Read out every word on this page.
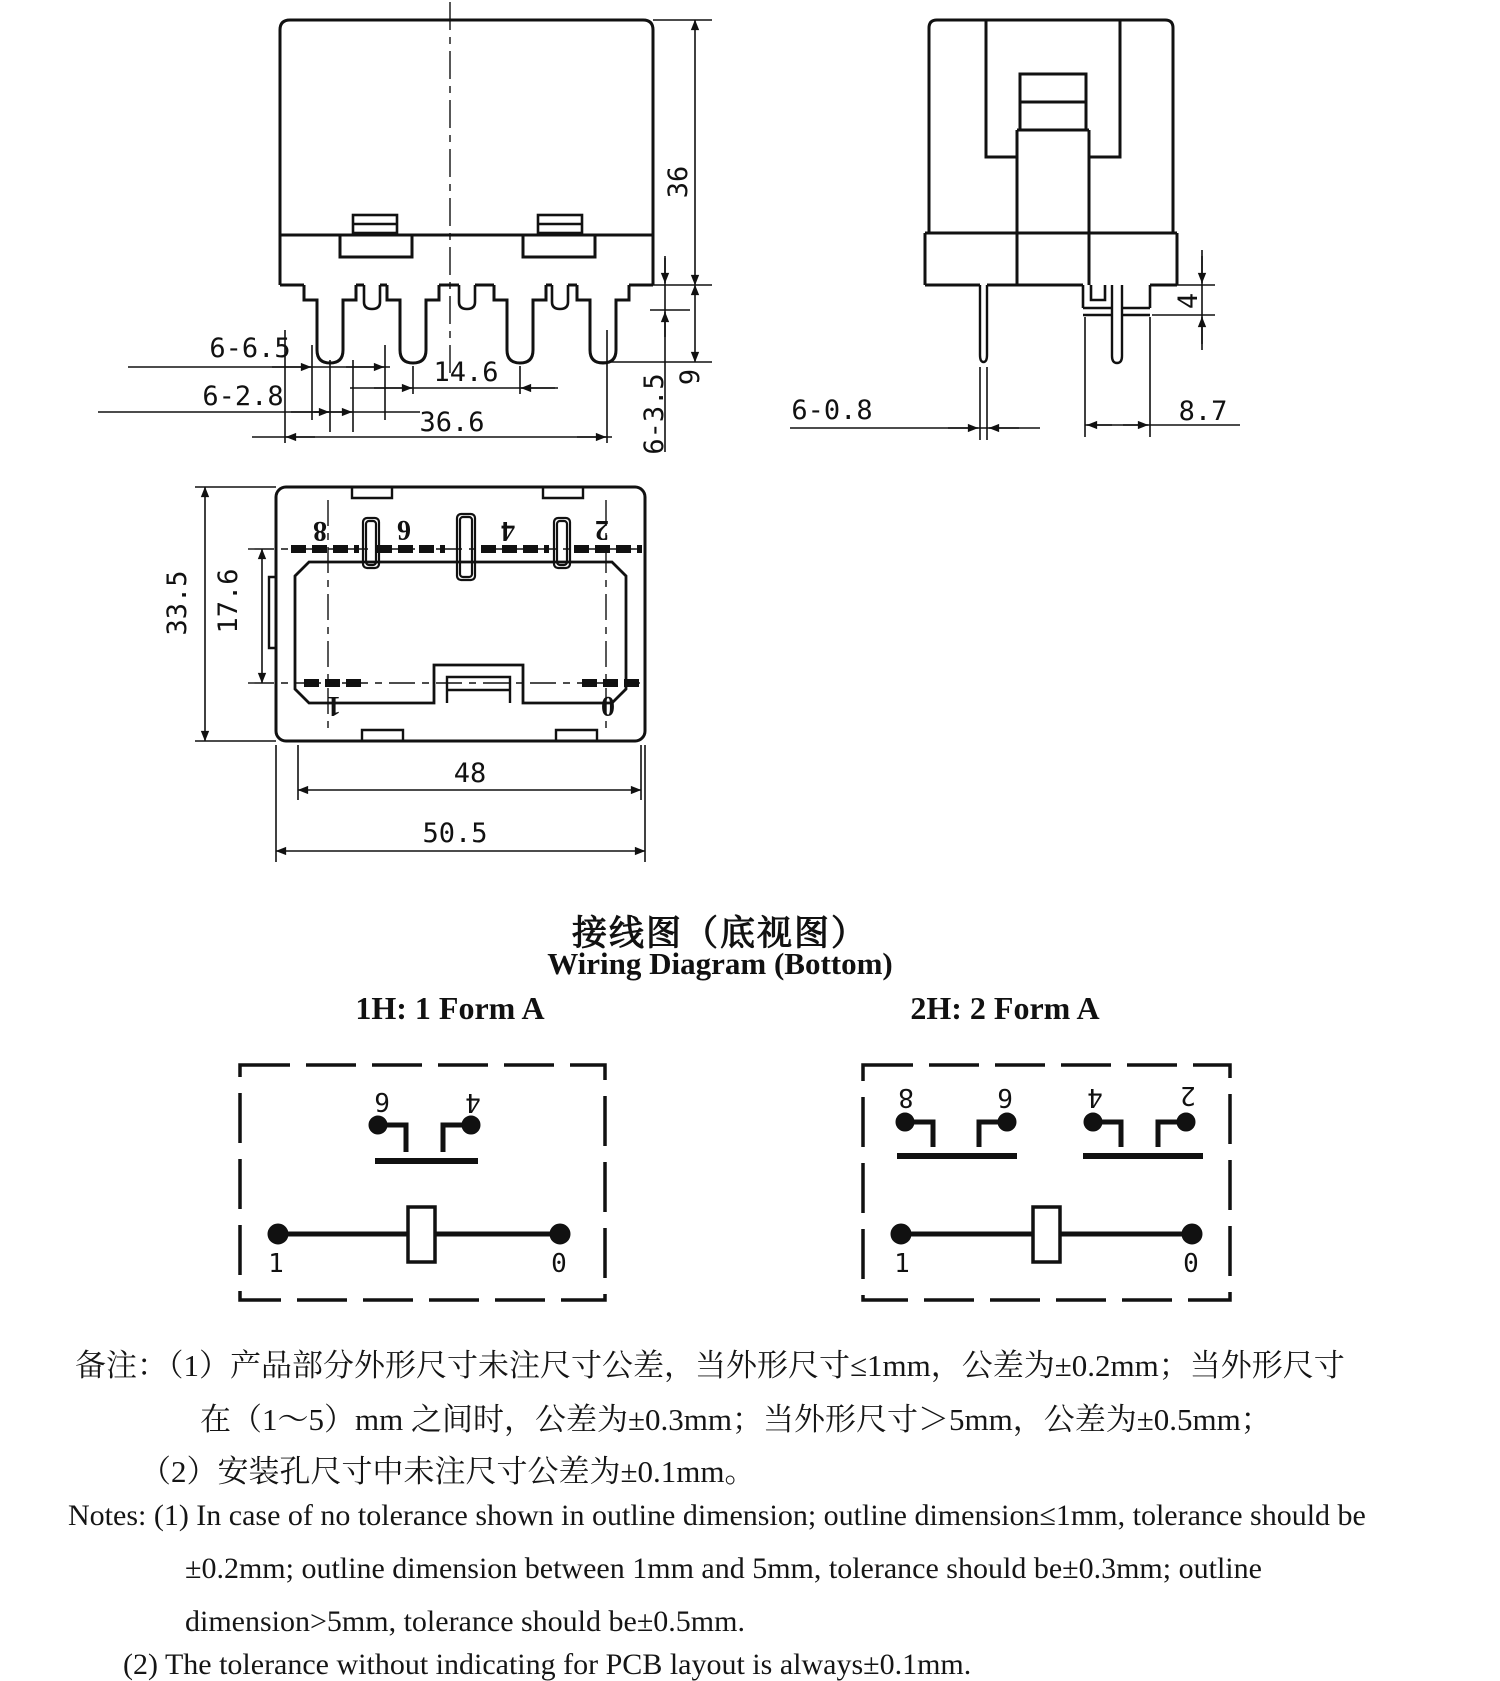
36
9
6-3.5
6-6.5
6-2.8
14.6
36.6
4
6-0.8	8.7
33.5 17.6
48
50.5
8	6	4	2
1	0
6	4
1	0
8	6	4	2
1	0
接线图（底视图）
Wiring Diagram (Bottom)
1H: 1 Form A	2H: 2 Form A
备注：（1）产品部分外形尺寸未注尺寸公差，当外形尺寸≤1mm，公差为±0.2mm；当外形尺寸
在（1～5）mm 之间时，公差为±0.3mm；当外形尺寸＞5mm，公差为±0.5mm；
（2）安装孔尺寸中未注尺寸公差为±0.1mm。
Notes: (1) In case of no tolerance shown in outline dimension; outline dimension≤1mm, tolerance should be
±0.2mm; outline dimension between 1mm and 5mm, tolerance should be±0.3mm; outline
dimension>5mm, tolerance should be±0.5mm.
(2) The tolerance without indicating for PCB layout is always±0.1mm.
